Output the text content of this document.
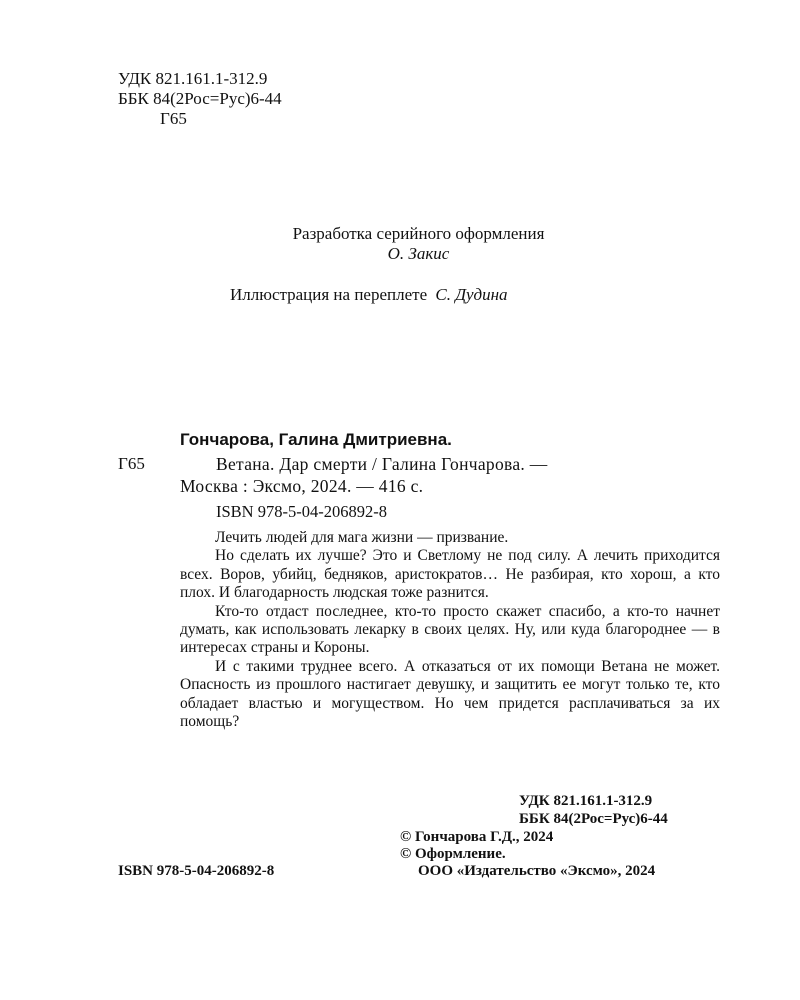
УДК 821.161.1-312.9
ББК 84(2Рос=Рус)6-44
Г65
Разработка серийного оформления
О. Закис
Иллюстрация на переплете С. Дудина
Гончарова, Галина Дмитриевна.
Г65	Ветана. Дар смерти / Галина Гончарова. —
Москва : Эксмо, 2024. — 416 с.
ISBN 978-5-04-206892-8

Лечить людей для мага жизни — призвание.

Но сделать их лучше? Это и Светлому не под силу. А лечить приходится всех. Воров, убийц, бедняков, аристократов… Не разбирая, кто хорош, а кто плох. И благодарность людская тоже разнится.

Кто-то отдаст последнее, кто-то просто скажет спасибо, а кто-то начнет думать, как использовать лекарку в своих целях. Ну, или куда благороднее — в интересах страны и Короны.

И с такими труднее всего. А отказаться от их помощи Ветана не может. Опасность из прошлого настигает девушку, и защитить ее могут только те, кто обладает властью и могуществом. Но чем придется расплачиваться за их помощь?

УДК 821.161.1-312.9
ББК 84(2Рос=Рус)6-44
© Гончарова Г.Д., 2024
© Оформление.
ISBN 978-5-04-206892-8	ООО «Издательство «Эксмо», 2024
